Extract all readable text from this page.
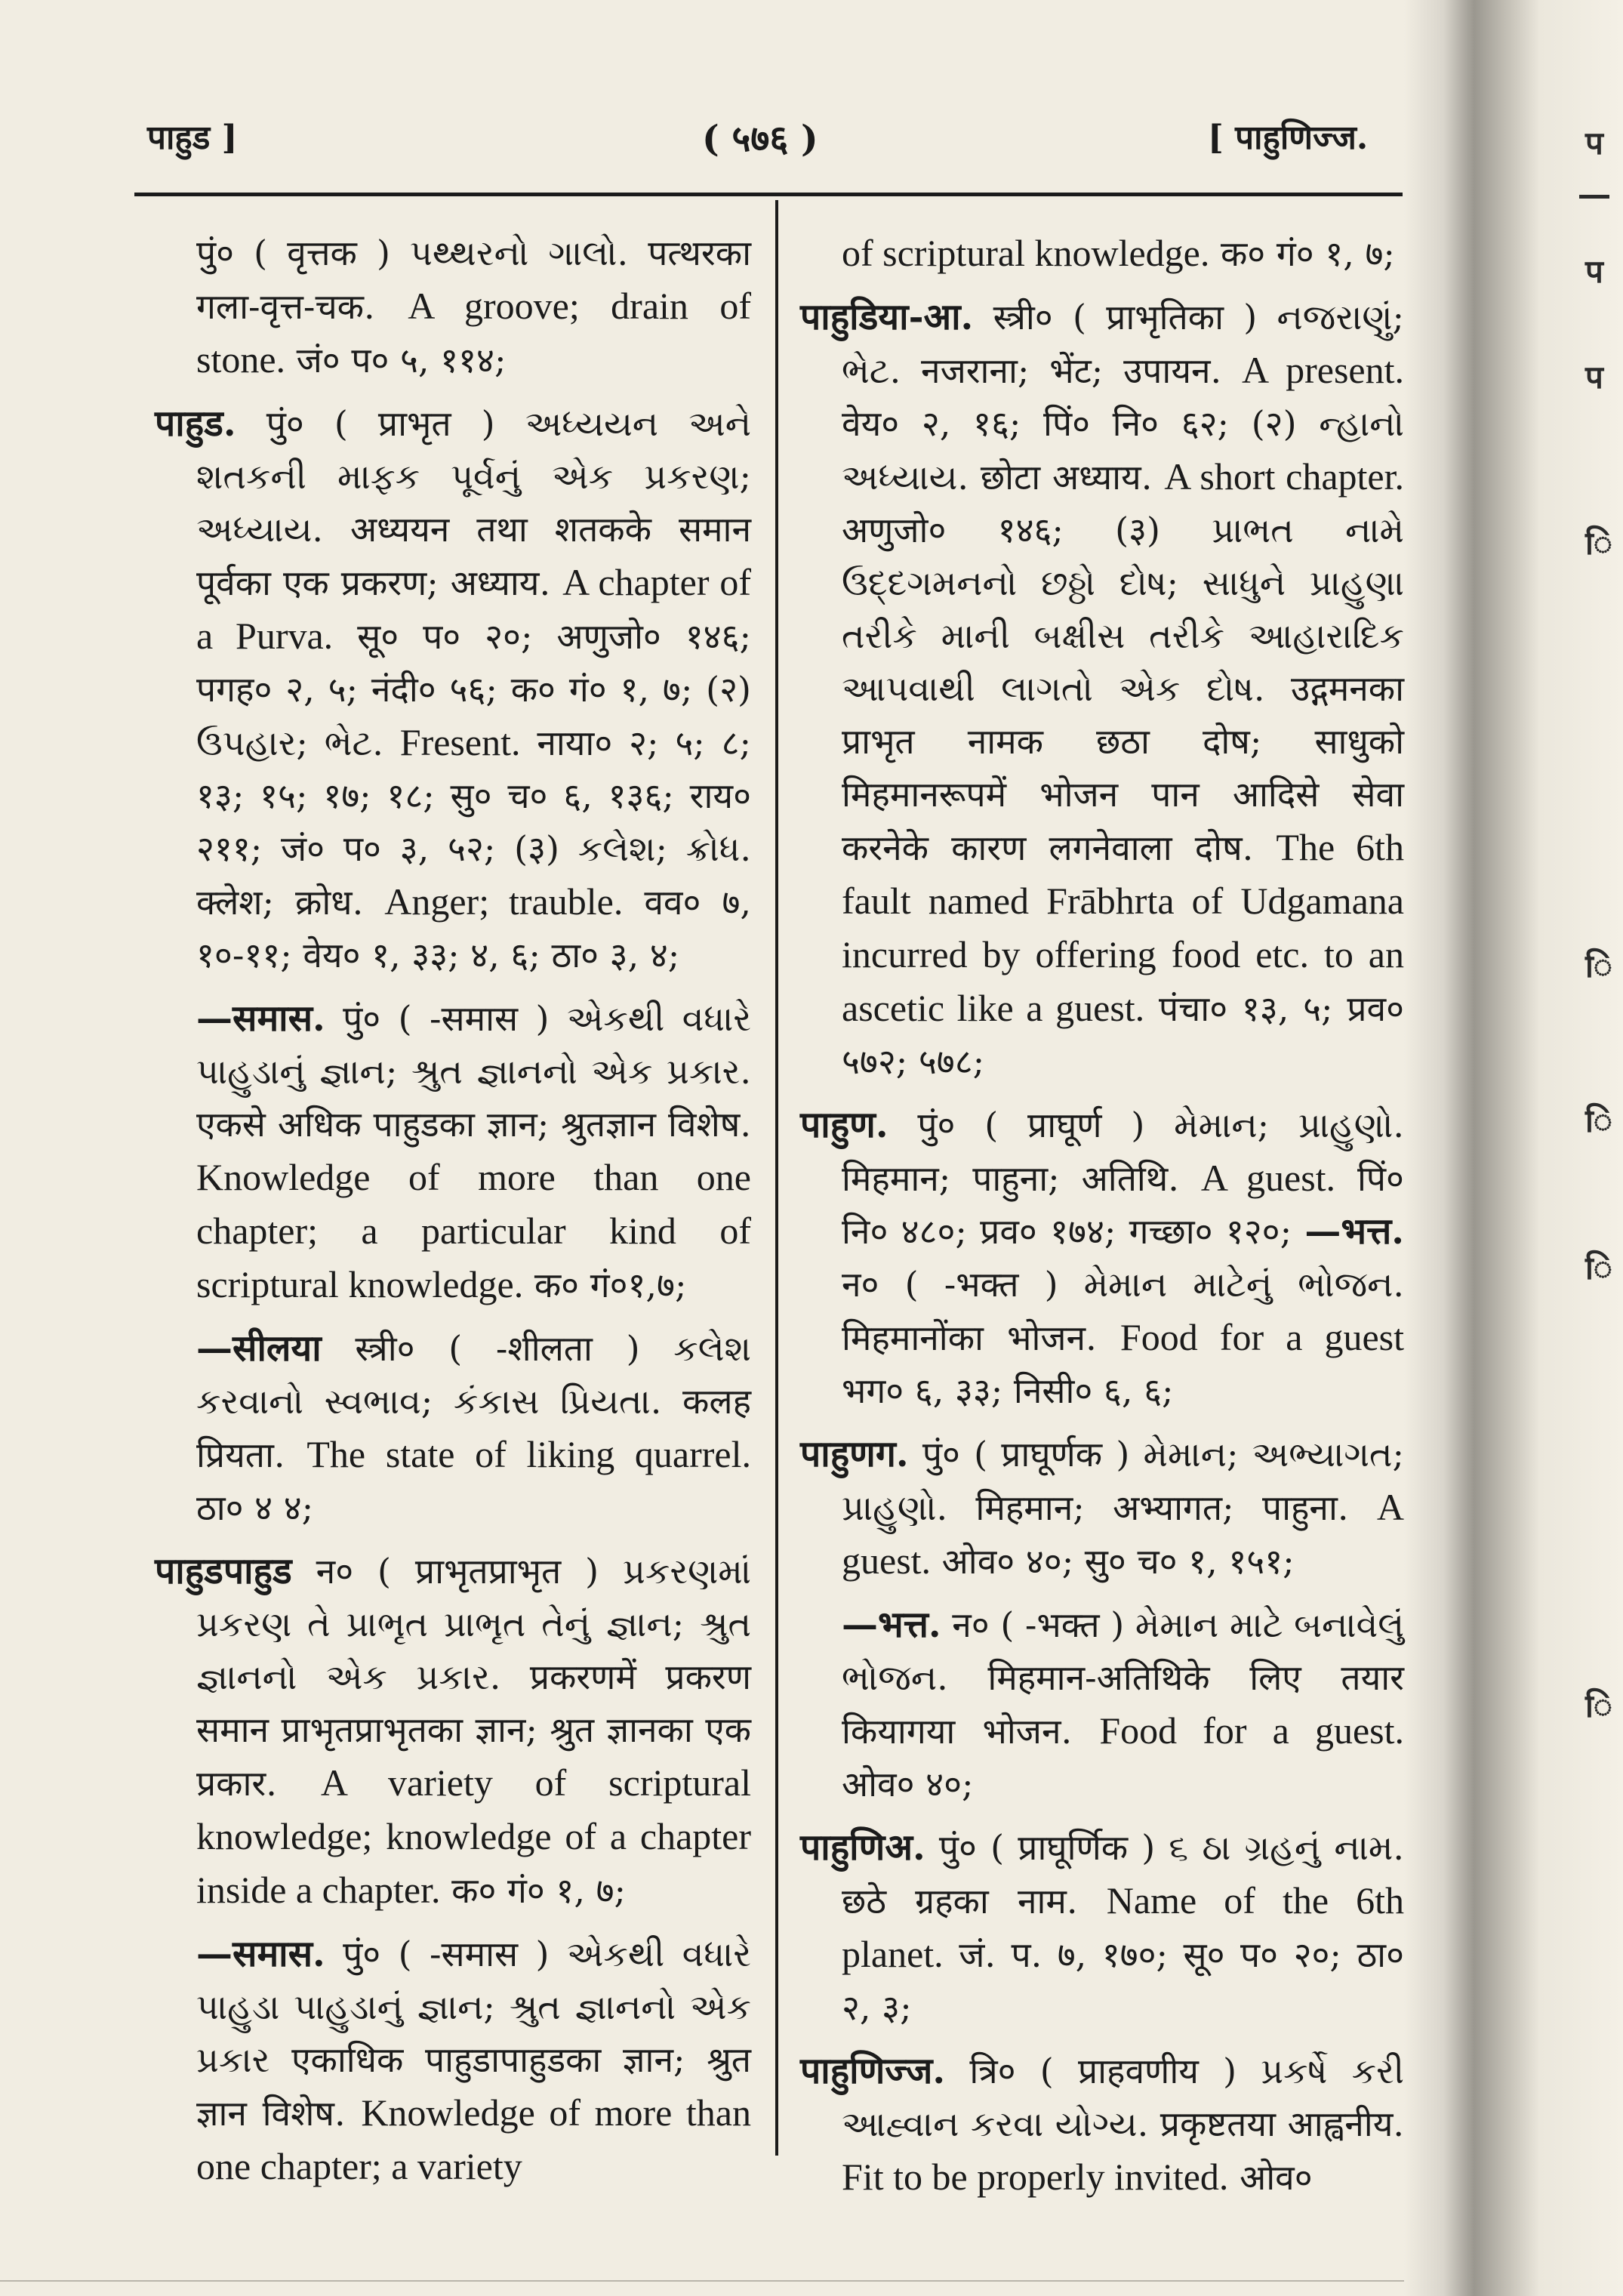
पाहुड ]	( ५७६ )	[ पाहुणिज्ज.

पुं० ( वृत्तक ) પથ્થરનો ગાલો. पत्थरका गला-वृत्त-चक. A groove; drain of stone. जं० प० ५, ११४;

पाहुड. पुं० ( प्राभृत ) અધ્યયન અને શતકની માફક પૂર્વનું એક પ્રકરણ; અધ્યાય. अध्ययन तथा शतकके समान पूर्वका एक प्रकरण; अध्याय. A chapter of a Purva. सू० प० २०; अणुजो० १४६; पगह० २, ५; नंदी० ५६; क० गं० १, ७; (२) ઉપહાર; ભેટ. Fresent. नाया० २; ५; ८; १३; १५; १७; १८; सु० च० ६, १३६; राय० २११; जं० प० ३, ५२; (३) કલેશ; ક્રોધ. क्लेश; क्रोध. Anger; trauble. वव० ७, १०-११; वेय० १, ३३; ४, ६; ठा० ३, ४;

—समास. पुं० ( -समास ) એકથી વધારે પાહુડાનું જ્ઞાન; શ્રુત જ્ઞાનનો એક પ્રકાર. एकसे अधिक पाहुडका ज्ञान; श्रुतज्ञान विशेष. Knowledge of more than one chapter; a particular kind of scriptural knowledge. क० गं०१,७;

—सीलया स्त्री० ( -शीलता ) કલેશ કરવાનો સ્વભાવ; કંકાસ પ્રિયતા. कलह प्रियता. The state of liking quarrel. ठा० ४ ४;

पाहुडपाहुड न० ( प्राभृतप्राभृत ) પ્રકરણમાં પ્રકરણ તે પ્રાભૃત પ્રાભૃત તેનું જ્ઞાન; શ્રુત જ્ઞાનનો એક પ્રકાર. प्रकरणमें प्रकरण समान प्राभृतप्राभृतका ज्ञान; श्रुत ज्ञानका एक प्रकार. A variety of scriptural knowledge; knowledge of a chapter inside a chapter. क० गं० १, ७;

—समास. पुं० ( -समास ) એકથી વધારે પાહુડા પાહુડાનું જ્ઞાન; શ્રુત જ્ઞાનનો એક પ્રકાર एकाधिक पाहुडापाहुडका ज्ञान; श्रुत ज्ञान विशेष. Knowledge of more than one chapter; a variety

of scriptural knowledge. क० गं० १, ७;

पाहुडिया-आ. स्त्री० ( प्राभृतिका ) નજરાણું; ભેટ. नजराना; भेंट; उपायन. A present. वेय० २, १६; पिं० नि० ६२; (२) ન્હાનો અધ્યાય. छोटा अध्याय. A short chapter. अणुजो० १४६; (३) પ્રાભત નામે ઉદ્દગમનનો છઠ્ઠો દોષ; સાધુને પ્રાહુણા તરીકે માની બક્ષીસ તરીકે આહારાદિક આપવાથી લાગતો એક દોષ. उद्गमनका प्राभृत नामक छठा दोष; साधुको मिहमानरूपमें भोजन पान आदिसे सेवा करनेके कारण लगनेवाला दोष. The 6th fault named Frābhrta of Udgamana incurred by offering food etc. to an ascetic like a guest. पंचा० १३, ५; प्रव० ५७२; ५७८;

पाहुण. पुं० ( प्राघूर्ण ) મેમાન; પ્રાહુણો. मिहमान; पाहुना; अतिथि. A guest. पिं० नि० ४८०; प्रव० १७४; गच्छा० १२०; —भत्त. न० ( -भक्त ) મેમાન માટેનું ભોજન. मिहमानोंका भोजन. Food for a guest भग० ६, ३३; निसी० ६, ६;

पाहुणग. पुं० ( प्राघूर्णक ) મેમાન; અભ્યાગત; પ્રાહુણો. मिहमान; अभ्यागत; पाहुना. A guest. ओव० ४०; सु० च० १, १५१;

—भत्त. न० ( -भक्त ) મેમાન માટે બનાવેલું ભોજન. मिहमान-अतिथिके लिए तयार कियागया भोजन. Food for a guest. ओव० ४०;

पाहुणिअ. पुं० ( प्राघूर्णिक ) ૬ ઠા ગ્રહનું નામ. छठे ग्रहका नाम. Name of the 6th planet. जं. प. ७, १७०; सू० प० २०; ठा० २, ३;

पाहुणिज्ज. त्रि० ( प्राहवणीय ) પ્રકર્ષે કરી આહ્વાન કરવા યોગ્ય. प्रकृष्टतया आह्वनीय. Fit to be properly invited. ओव०

प
प
प
ि
ि
ि
ि
ि
